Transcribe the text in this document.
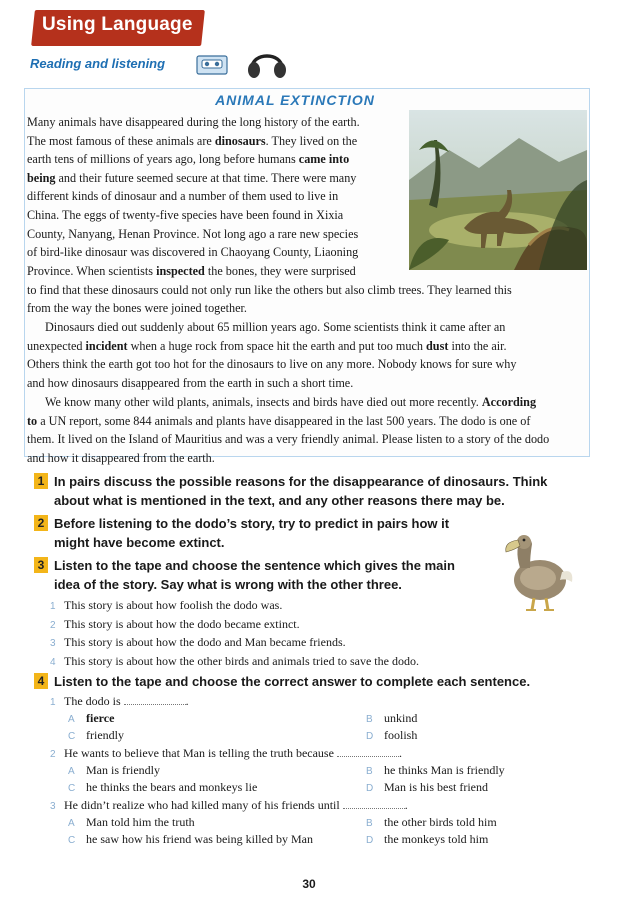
Using Language
Reading and listening
ANIMAL EXTINCTION
Many animals have disappeared during the long history of the earth.
The most famous of these animals are dinosaurs. They lived on the
earth tens of millions of years ago, long before humans came into
being and their future seemed secure at that time. There were many
different kinds of dinosaur and a number of them used to live in
China. The eggs of twenty-five species have been found in Xixia
County, Nanyang, Henan Province. Not long ago a rare new species
of bird-like dinosaur was discovered in Chaoyang County, Liaoning
Province. When scientists inspected the bones, they were surprised
to find that these dinosaurs could not only run like the others but also climb trees. They learned this
from the way the bones were joined together.
Dinosaurs died out suddenly about 65 million years ago. Some scientists think it came after an
unexpected incident when a huge rock from space hit the earth and put too much dust into the air.
Others think the earth got too hot for the dinosaurs to live on any more. Nobody knows for sure why
and how dinosaurs disappeared from the earth in such a short time.
We know many other wild plants, animals, insects and birds have died out more recently. According
to a UN report, some 844 animals and plants have disappeared in the last 500 years. The dodo is one of
them. It lived on the Island of Mauritius and was a very friendly animal. Please listen to a story of the dodo
and how it disappeared from the earth.
1 In pairs discuss the possible reasons for the disappearance of dinosaurs. Think
about what is mentioned in the text, and any other reasons there may be.
2 Before listening to the dodo’s story, try to predict in pairs how it
might have become extinct.
3 Listen to the tape and choose the sentence which gives the main
idea of the story. Say what is wrong with the other three.
4 Listen to the tape and choose the correct answer to complete each sentence.
1 This story is about how foolish the dodo was.
2 This story is about how the dodo became extinct.
3 This story is about how the dodo and Man became friends.
4 This story is about how the other birds and animals tried to save the dodo.
1 The dodo is	.
A fierce	B unkind
C friendly	D foolish
2 He wants to believe that Man is telling the truth because	.
A Man is friendly	B he thinks Man is friendly
C he thinks the bears and monkeys lie	D Man is his best friend
3 He didn’t realize who had killed many of his friends until	.
A Man told him the truth	B the other birds told him
C he saw how his friend was being killed by Man	D the monkeys told him
30
